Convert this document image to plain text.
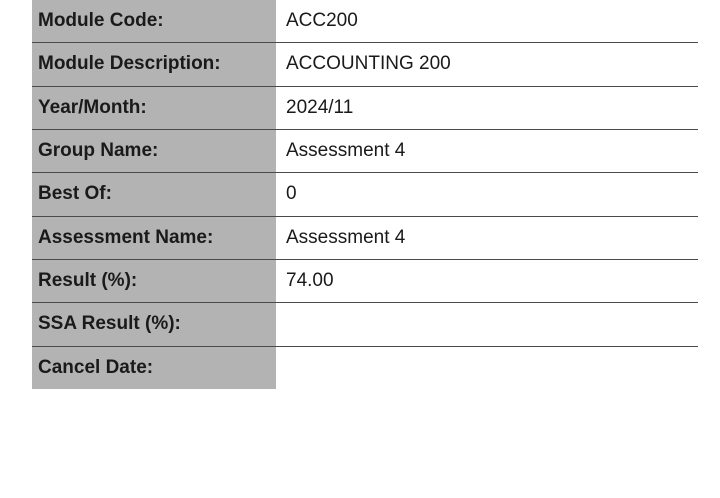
Module Code:	ACC200
Module Description:	ACCOUNTING 200
Year/Month:	2024/11
Group Name:	Assessment 4
Best Of:	0
Assessment Name:	Assessment 4
Result (%):	74.00
SSA Result (%):	
Cancel Date:	
